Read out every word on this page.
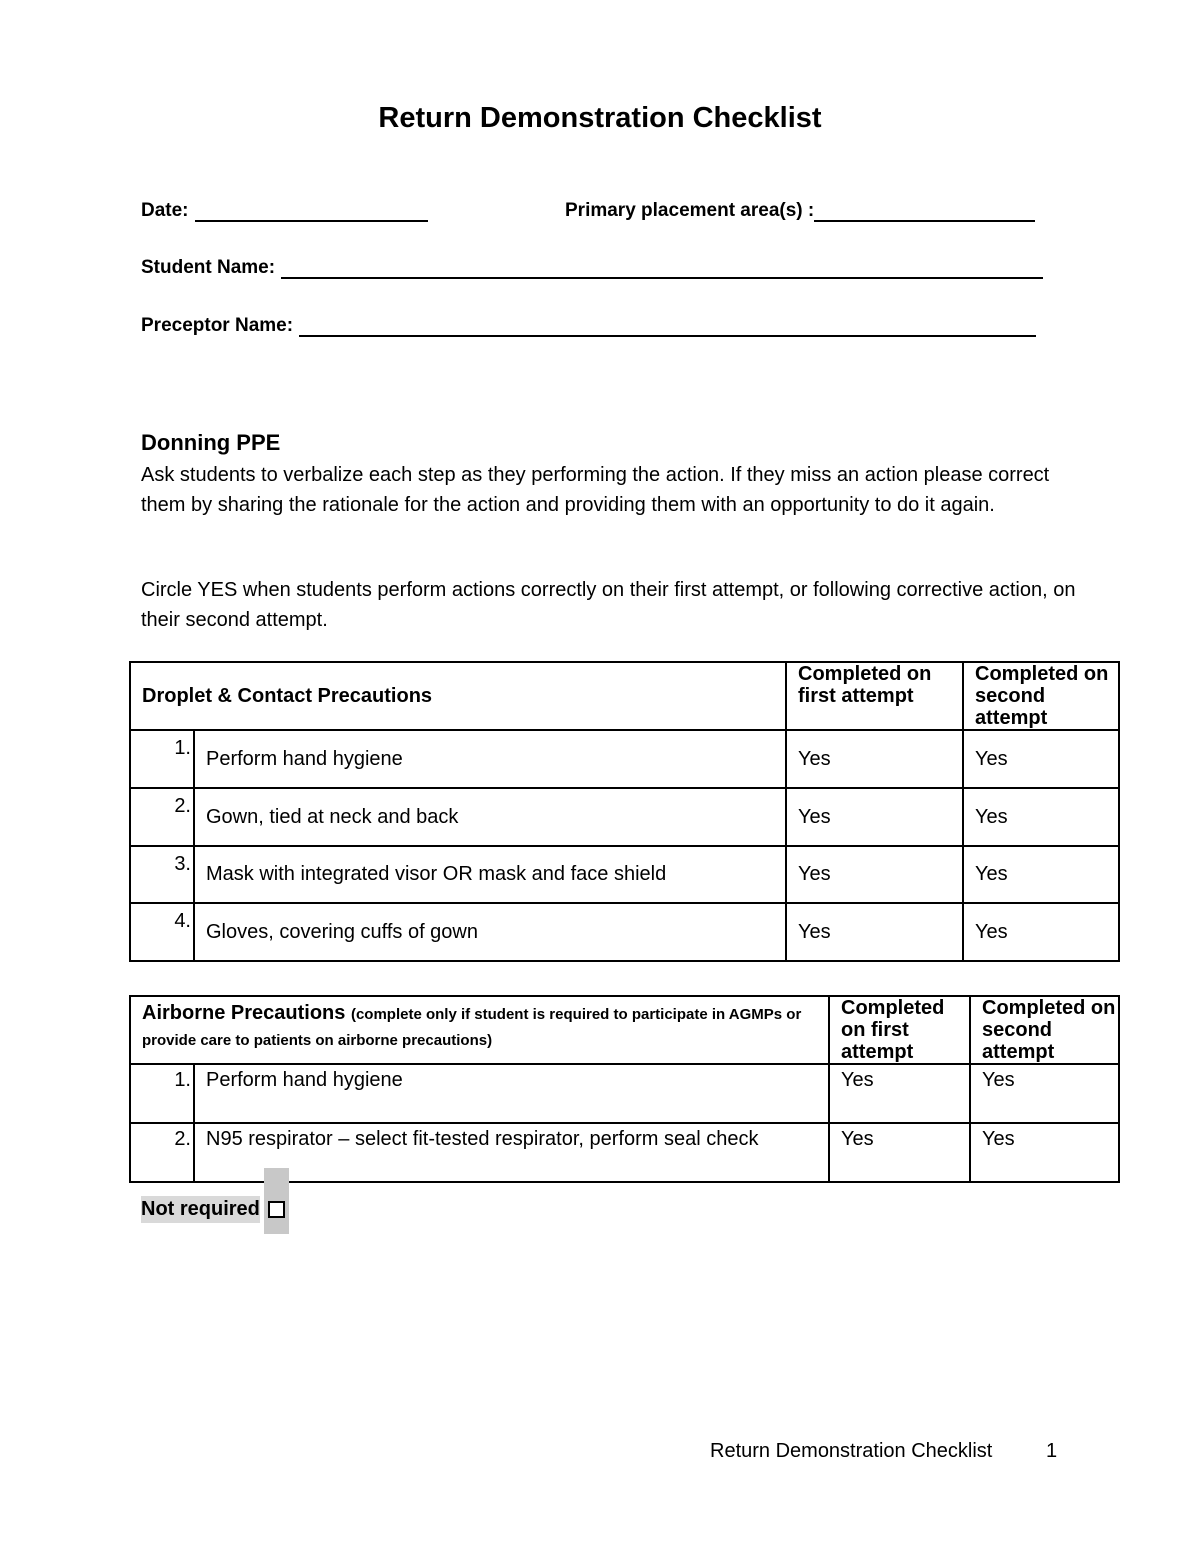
Return Demonstration Checklist
Date:	Primary placement area(s) :
Student Name:
Preceptor Name:
Donning PPE
Ask students to verbalize each step as they performing the action. If they miss an action please correct them by sharing the rationale for the action and providing them with an opportunity to do it again.
Circle YES when students perform actions correctly on their first attempt, or following corrective action, on their second attempt.
Droplet & Contact Precautions		Completed on first attempt	Completed on second attempt
1.	Perform hand hygiene	Yes	Yes
2.	Gown, tied at neck and back	Yes	Yes
3.	Mask with integrated visor OR mask and face shield	Yes	Yes
4.	Gloves, covering cuffs of gown	Yes	Yes
Airborne Precautions (complete only if student is required to participate in AGMPs or provide care to patients on airborne precautions)		Completed on first attempt	Completed on second attempt
1.	Perform hand hygiene	Yes	Yes
2.	N95 respirator – select fit-tested respirator, perform seal check	Yes	Yes
Not required
Return Demonstration Checklist	1
